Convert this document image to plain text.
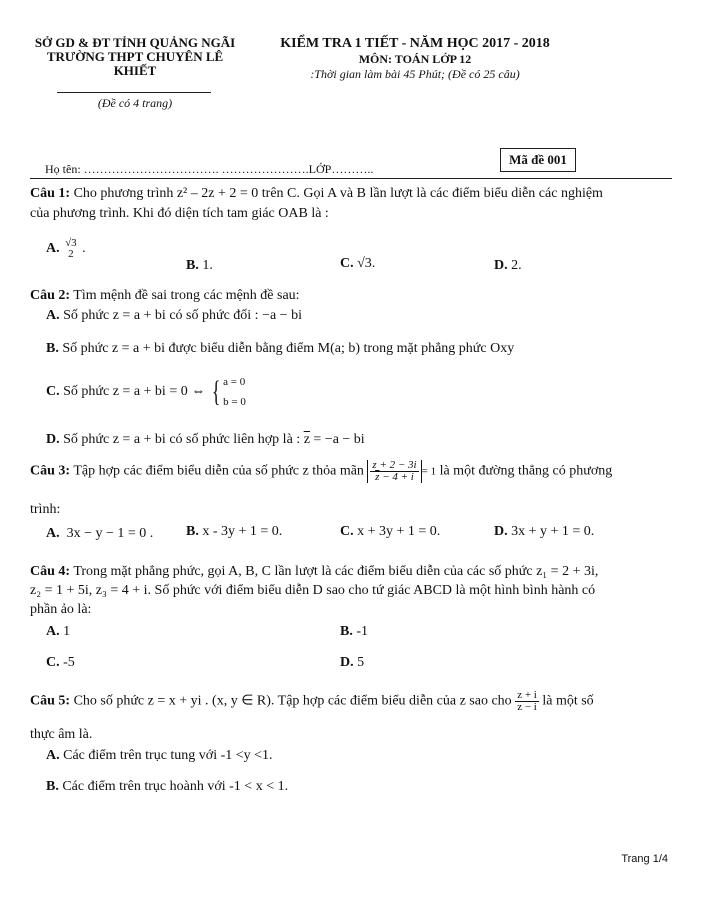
SỞ GD & ĐT TỈNH QUẢNG NGÃI
TRƯỜNG THPT CHUYÊN LÊ
KHIẾT
(Đề có 4 trang)
KIỂM TRA 1 TIẾT - NĂM HỌC 2017 - 2018
MÔN: TOÁN LỚP 12
:Thời gian làm bài 45 Phút; (Đề có 25 câu)
Mã đề 001
Họ tên: ……………………………. ………………….LỚP………..
Câu 1: Cho phương trình z² – 2z + 2 = 0 trên C. Gọi A và B lần lượt là các điểm biểu diễn các nghiệm
của phương trình. Khi đó diện tích tam giác OAB là :
A. √3
2 .
B. 1.	C. √3.	D. 2.
Câu 2: Tìm mệnh đề sai trong các mệnh đề sau:
A. Số phức z = a + bi có số phức đối : −a − bi
B. Số phức z = a + bi được biểu diễn bằng điểm M(a; b) trong mặt phẳng phức Oxy
C. Số phức z = a + bi = 0 ⇔ { a = 0
b = 0
D. Số phức z = a + bi có số phức liên hợp là : $\overline{z} = -a$ − bi
Câu 3: Tập hợp các điểm biểu diễn của số phức z thỏa mãn $\frac{z + 2 - 3i}{\overline{z} - 4 + i} = 1$ là một đường thẳng có phương
trình:
A. 3x − y − 1 = 0 . B. x - 3y + 1 = 0.	C. x + 3y + 1 = 0.	D. 3x + y + 1 = 0.
Câu 4: Trong mặt phẳng phức, gọi A, B, C lần lượt là các điểm biểu diễn của các số phức z₁ = 2 + 3i,
z₂ = 1 + 5i, z₃ = 4 + i. Số phức với điểm biểu diễn D sao cho tứ giác ABCD là một hình bình hành có
phần ảo là:
A. 1	B. -1
C. -5	D. 5
Câu 5: Cho số phức z = x + yi . (x, y ∈ R). Tập hợp các điểm biểu diễn của z sao cho $\frac{z + i}{z - i}$ là một số
thực âm là.
A. Các điểm trên trục tung với -1 <y <1.
B. Các điểm trên trục hoành với -1 < x < 1.
Trang 1/4
